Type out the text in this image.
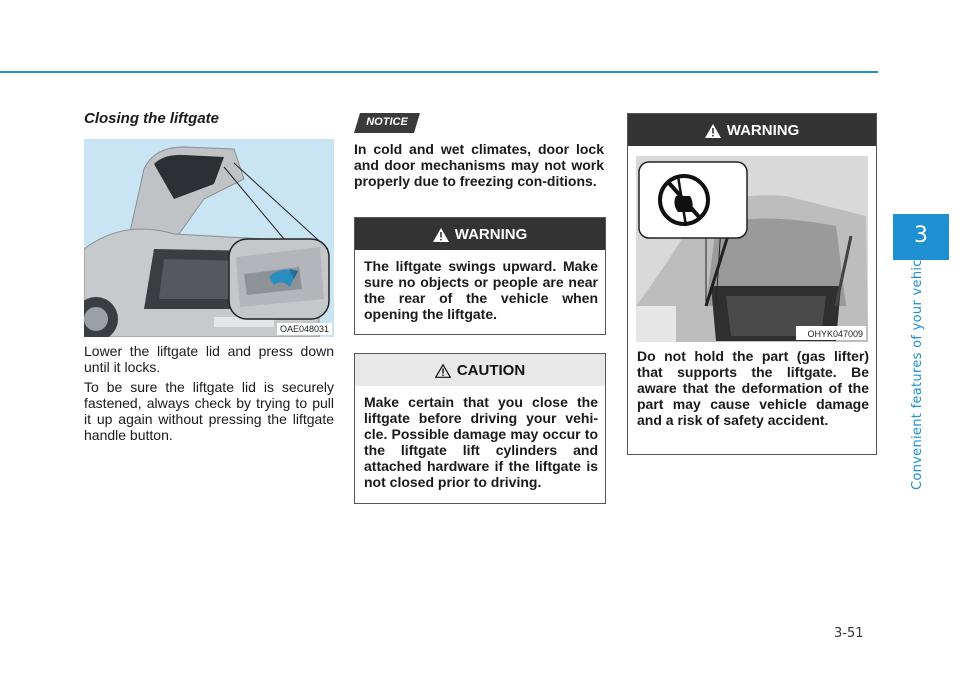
3
Convenient features of your vehicle
3-51

Closing the liftgate

OAE048031

Lower the liftgate lid and press down until it locks.

To be sure the liftgate lid is securely fastened, always check by trying to pull it up again without pressing the liftgate handle button.

NOTICE

In cold and wet climates, door lock and door mechanisms may not work properly due to freezing con-ditions.

WARNING
The liftgate swings upward. Make sure no objects or people are near the rear of the vehicle when opening the liftgate.
CAUTION
Make certain that you close the liftgate before driving your vehi-cle. Possible damage may occur to the liftgate lift cylinders and attached hardware if the liftgate is not closed prior to driving.
WARNING
OHYK047009
Do not hold the part (gas lifter) that supports the liftgate. Be aware that the deformation of the part may cause vehicle damage and a risk of safety accident.
